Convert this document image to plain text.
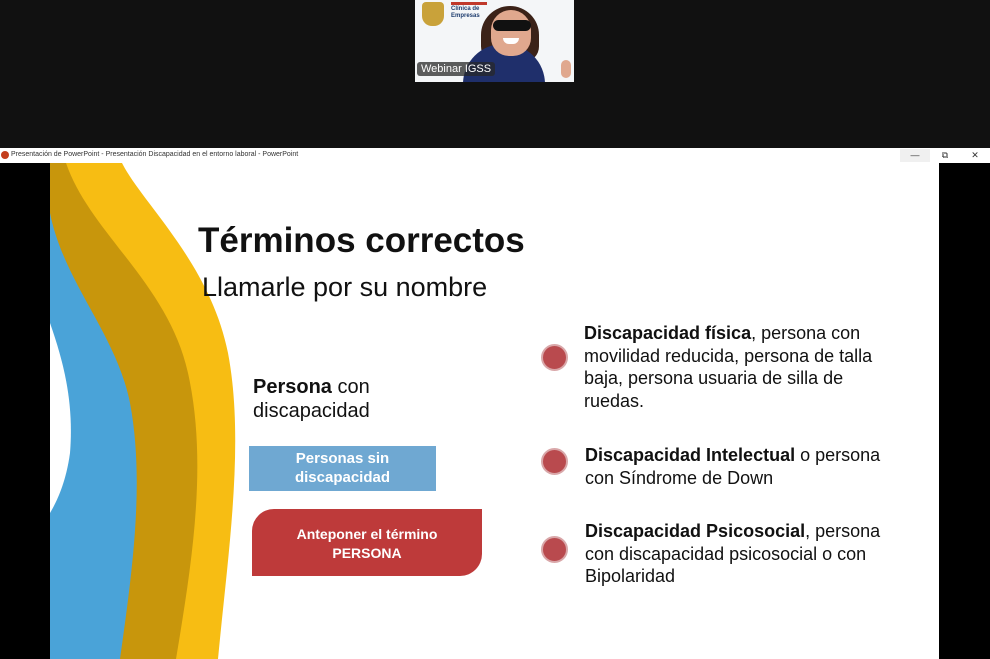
Clínica de Empresas
Webinar IGSS
Presentación de PowerPoint - Presentación Discapacidad en el entorno laboral - PowerPoint	—	⧉	✕
Términos correctos
Llamarle por su nombre
Persona con discapacidad
Personas sin discapacidad
Anteponer el término
PERSONA
Discapacidad física, persona con movilidad reducida, persona de talla baja, persona usuaria de silla de ruedas.
Discapacidad Intelectual o persona con Síndrome de Down
Discapacidad Psicosocial, persona con discapacidad psicosocial o con Bipolaridad
